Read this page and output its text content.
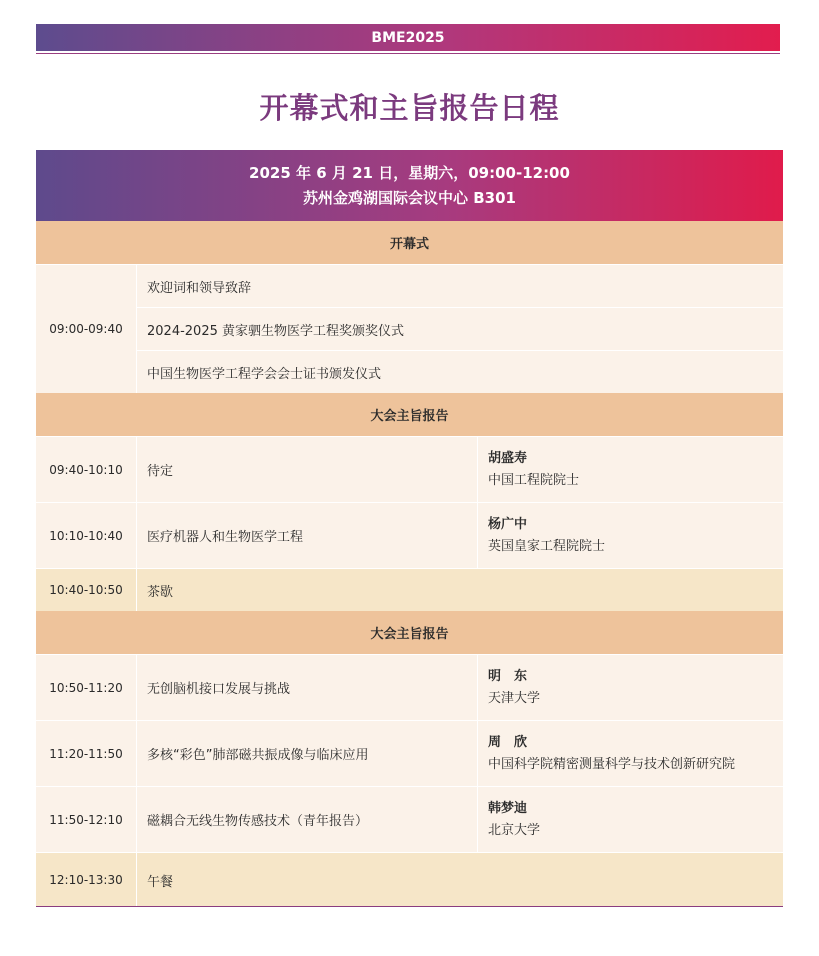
BME2025
开幕式和主旨报告日程
2025 年 6 月 21 日，星期六，09:00-12:00
苏州金鸡湖国际会议中心 B301
开幕式
09:00-09:40
欢迎词和领导致辞
2024-2025 黄家驷生物医学工程奖颁奖仪式
中国生物医学工程学会会士证书颁发仪式
大会主旨报告
09:40-10:10	待定
胡盛寿
中国工程院院士
10:10-10:40	医疗机器人和生物医学工程
杨广中
英国皇家工程院院士
10:40-10:50	茶歇
大会主旨报告
10:50-11:20	无创脑机接口发展与挑战
明　东
天津大学
11:20-11:50	多核“彩色”肺部磁共振成像与临床应用
周　欣
中国科学院精密测量科学与技术创新研究院
11:50-12:10	磁耦合无线生物传感技术（青年报告）
韩梦迪
北京大学
12:10-13:30	午餐
